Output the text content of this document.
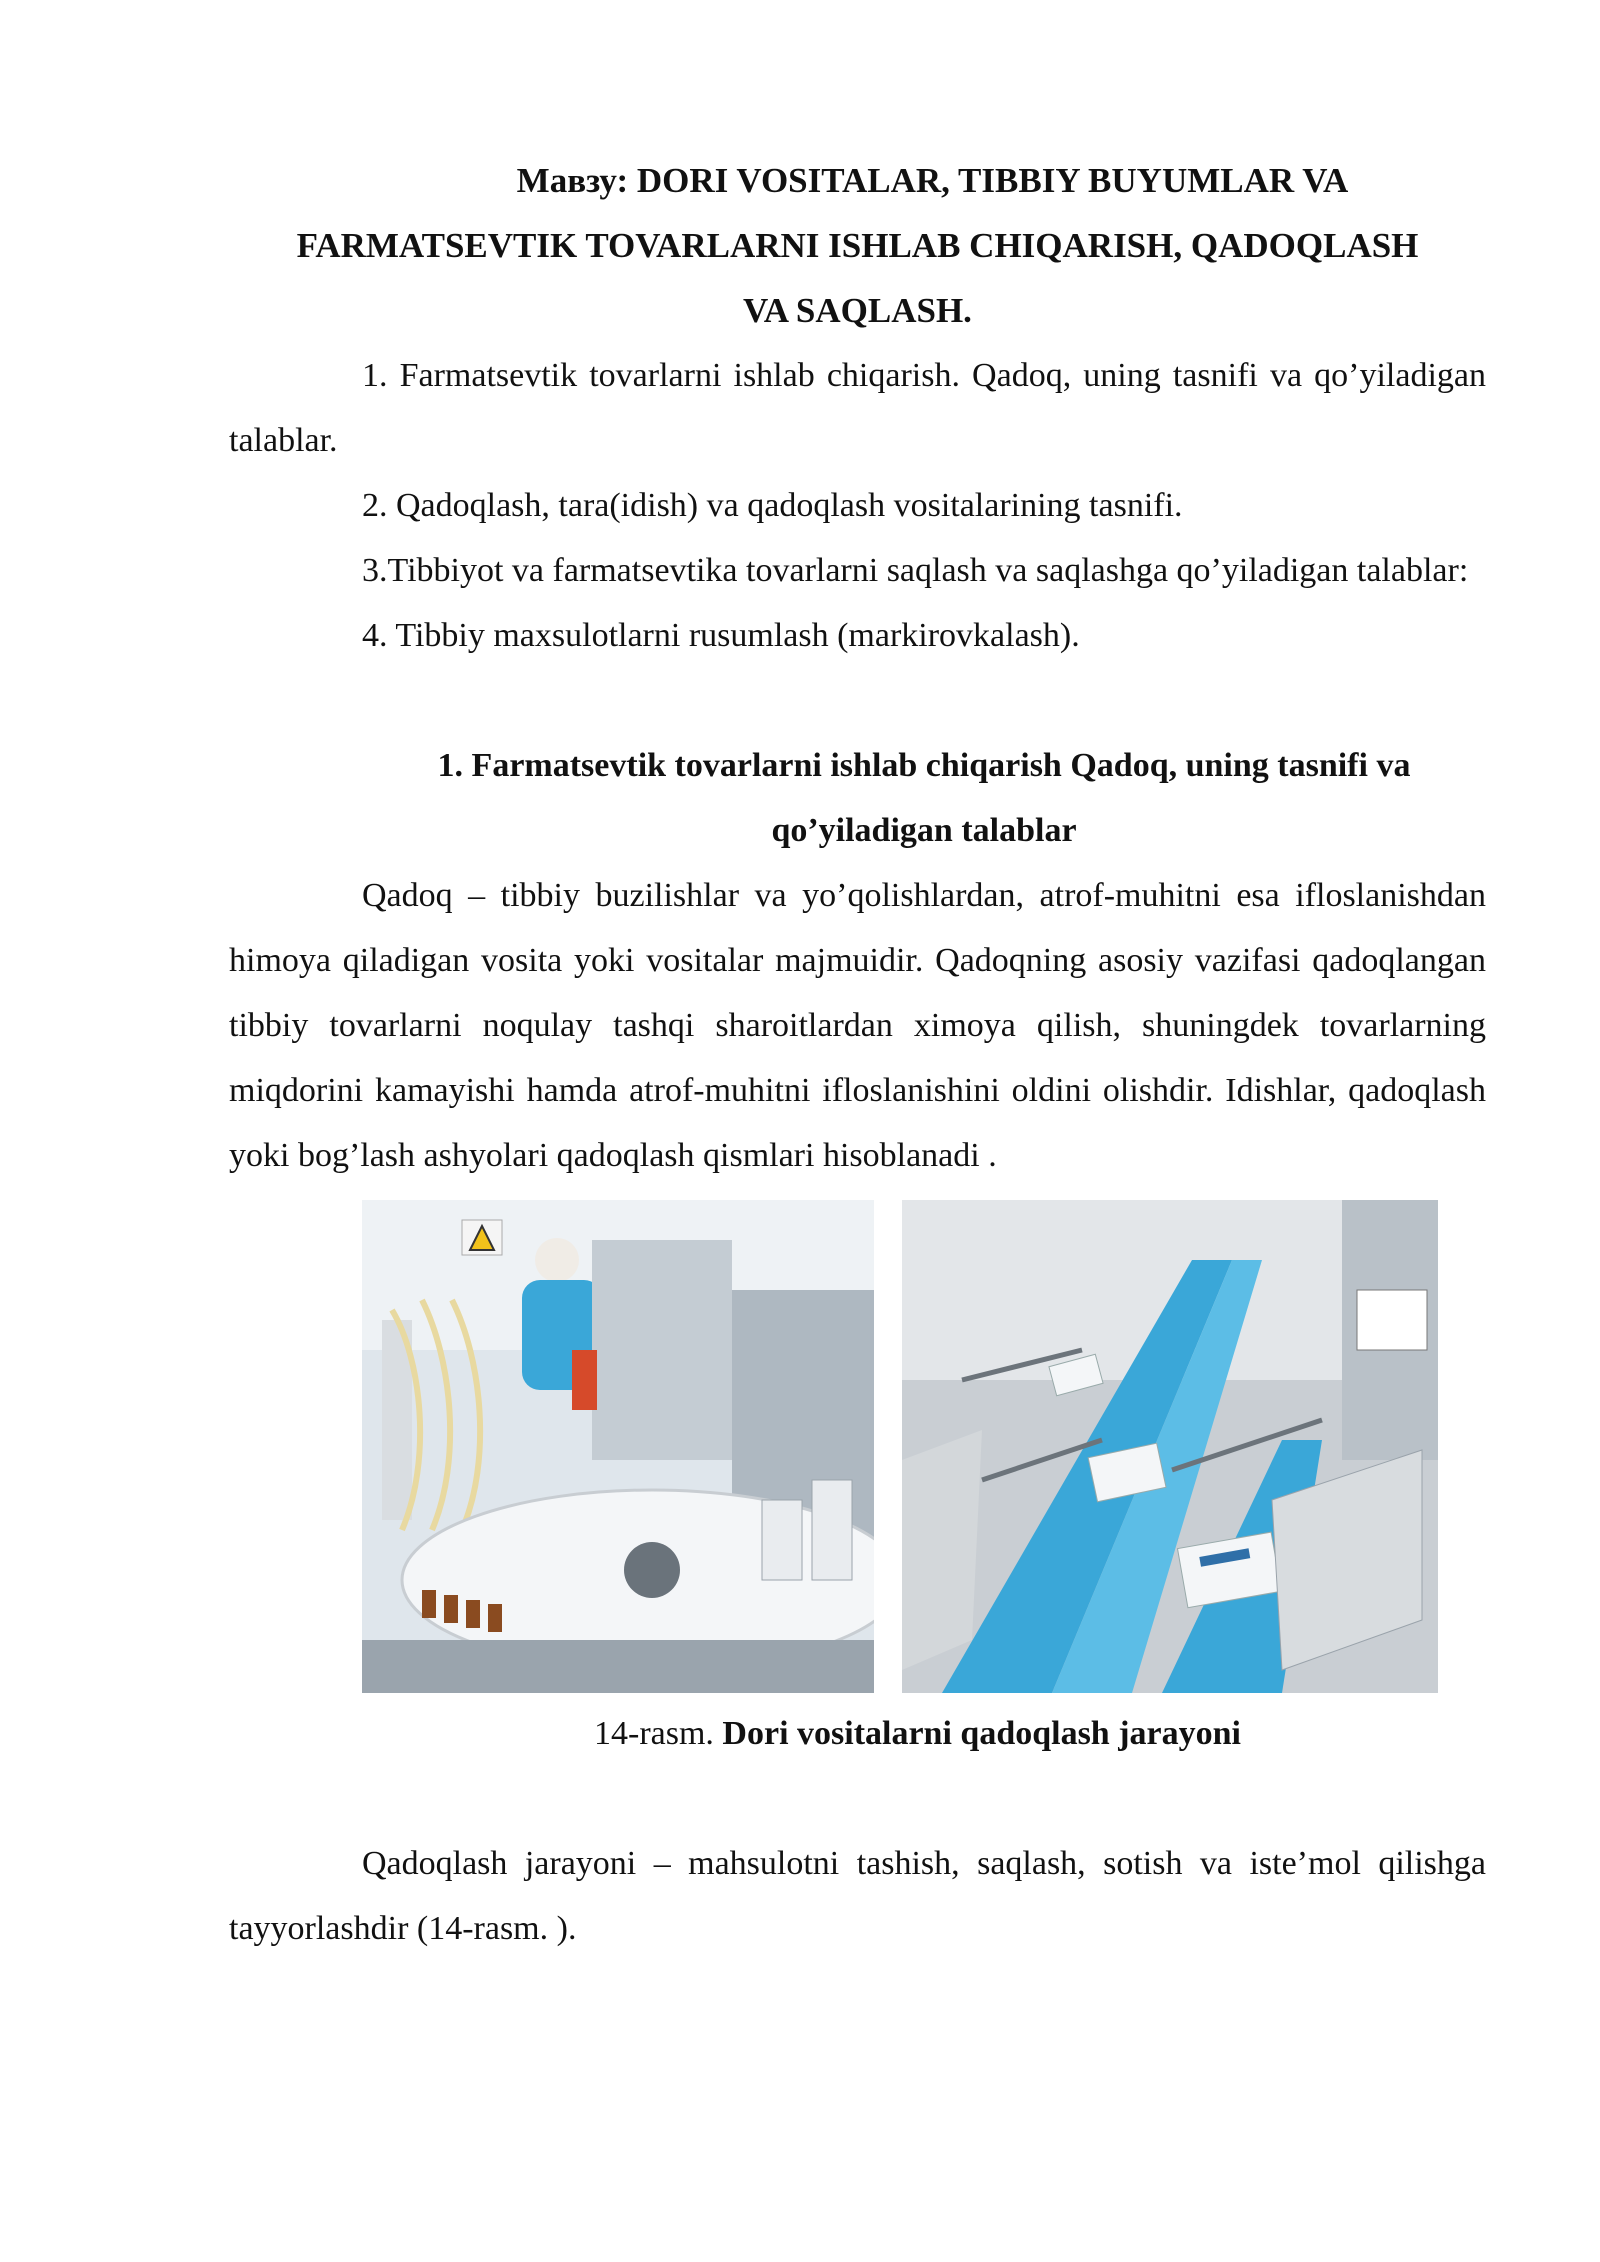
Мавзу: DORI VOSITALAR, TIBBIY BUYUMLAR VA
FARMATSEVTIK TOVARLARNI ISHLAB CHIQARISH, QADOQLASH
VA SAQLASH.

1. Farmatsevtik tovarlarni ishlab chiqarish. Qadoq, uning tasnifi va qo’yiladigan talablar.

2. Qadoqlash, tara(idish) va qadoqlash vositalarining tasnifi.

3.Tibbiyot va farmatsevtika tovarlarni saqlash va saqlashga qo’yiladigan talablar:

4. Tibbiy maxsulotlarni rusumlash (markirovkalash).

1. Farmatsevtik tovarlarni ishlab chiqarish Qadoq, uning tasnifi va
qo’yiladigan talablar

Qadoq – tibbiy buzilishlar va yo’qolishlardan, atrof-muhitni esa ifloslanishdan himoya qiladigan vosita yoki vositalar majmuidir. Qadoqning asosiy vazifasi qadoqlangan tibbiy tovarlarni noqulay tashqi sharoitlardan ximoya qilish, shuningdek tovarlarning miqdorini kamayishi hamda atrof-muhitni ifloslanishini oldini olishdir. Idishlar, qadoqlash yoki bog’lash ashyolari qadoqlash qismlari hisoblanadi .

14-rasm. Dori vositalarni qadoqlash jarayoni

Qadoqlash jarayoni – mahsulotni tashish, saqlash, sotish va iste’mol qilishga tayyorlashdir (14-rasm. ).
